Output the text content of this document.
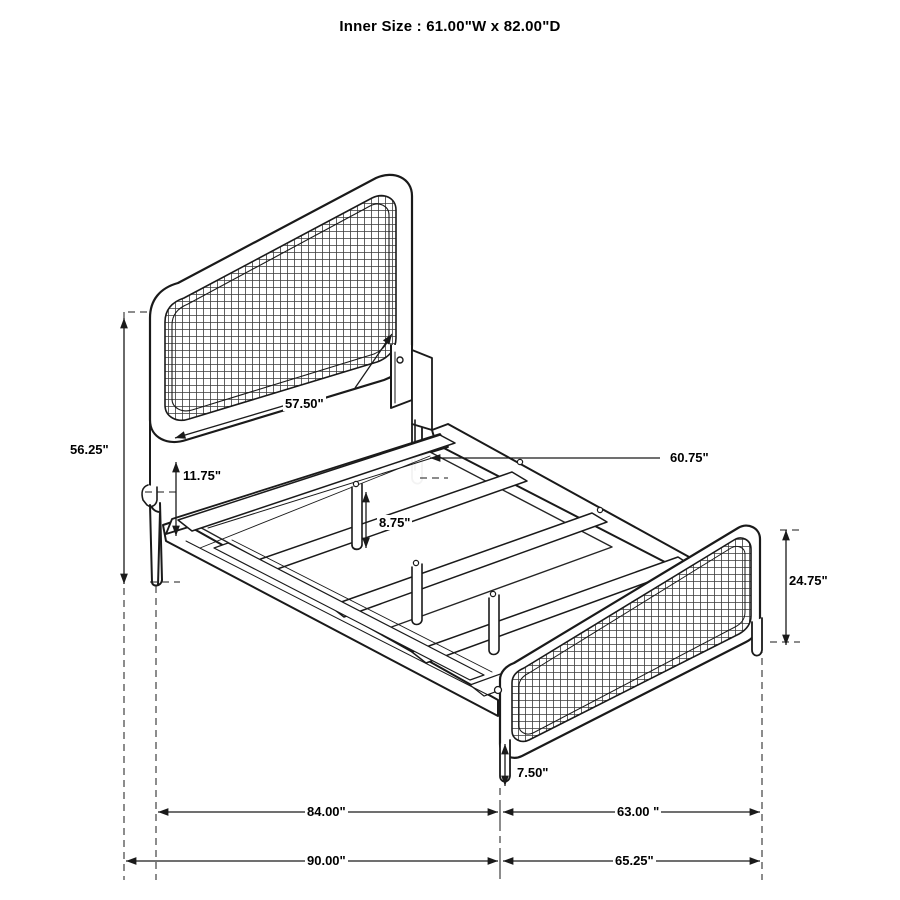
Inner Size : 61.00"W x 82.00"D
56.25"
57.50"
11.75"
8.75"
60.75"
24.75"
7.50"
84.00"	63.00 "
90.00"	65.25"
